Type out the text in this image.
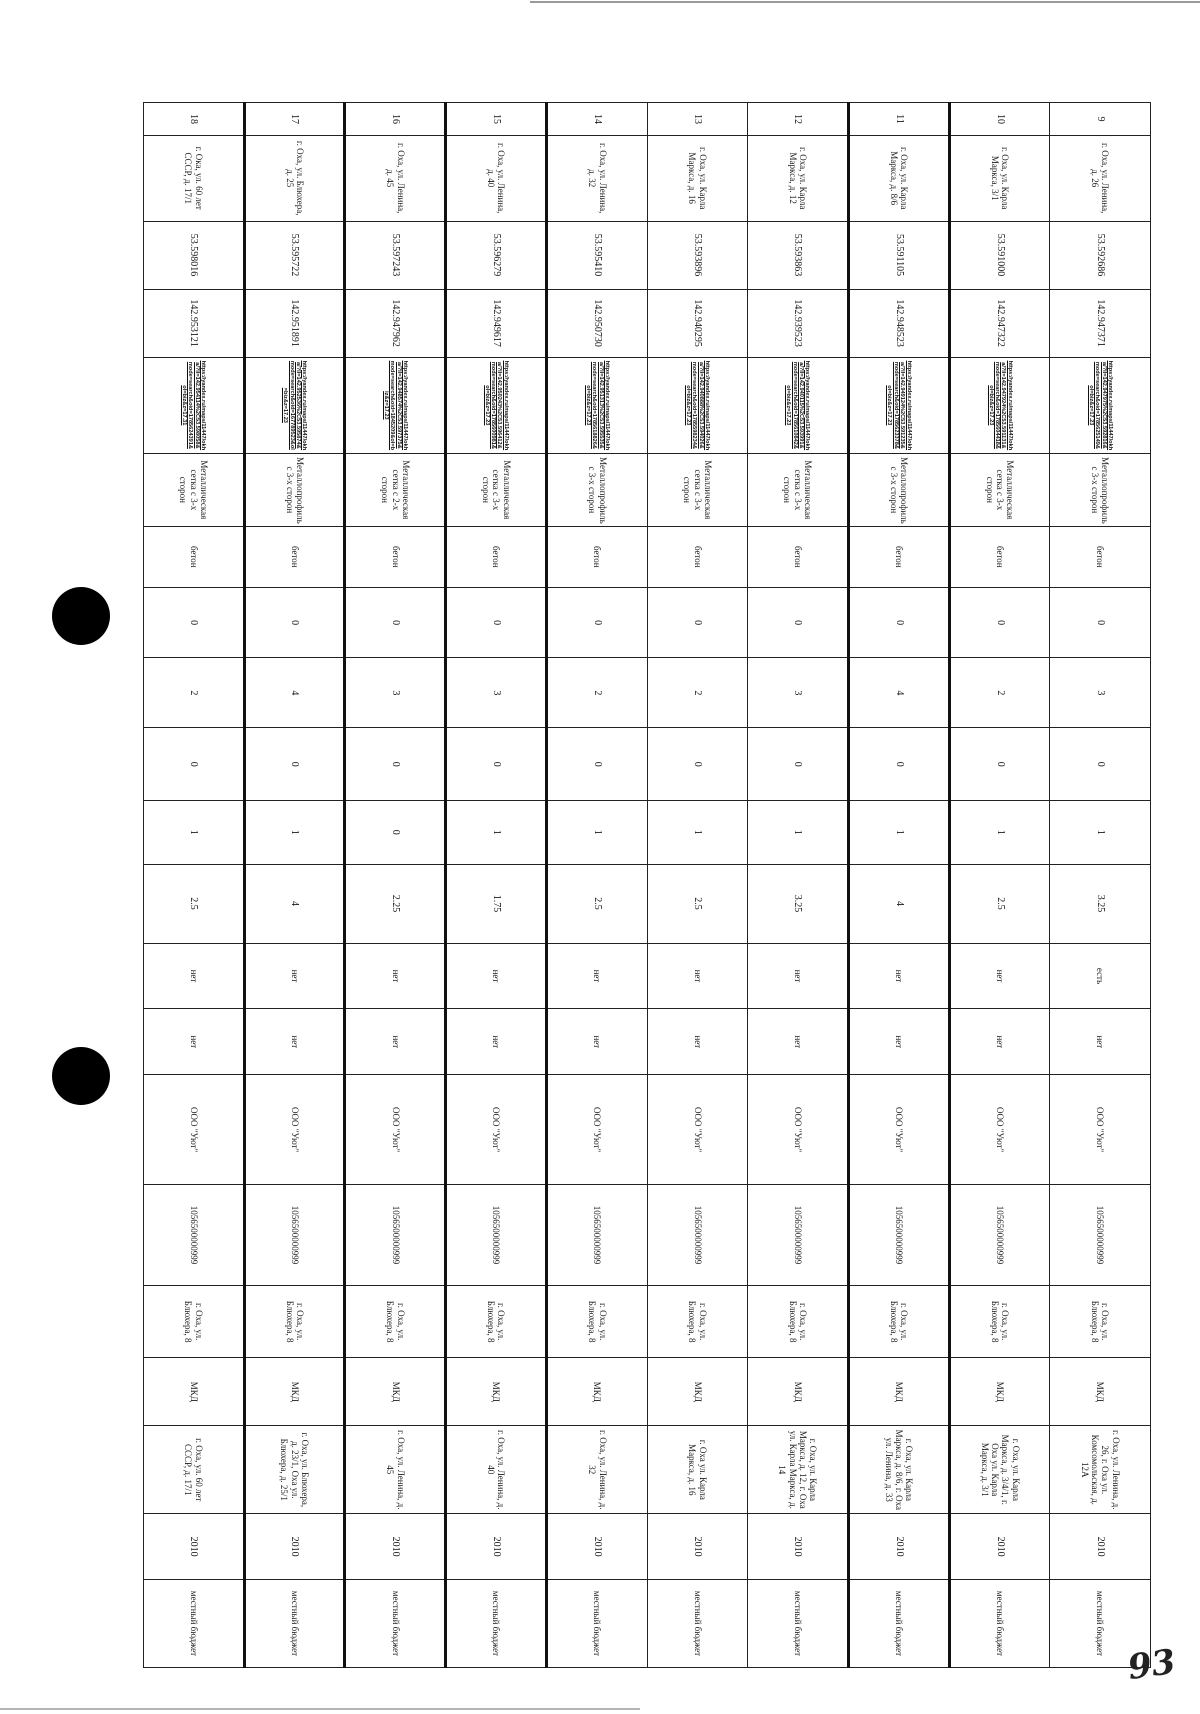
9	г. Оха, ул. Ленина, д. 26	53.592686	142.947371	https://yandex.ru/maps/11447/okha/?ll=142.947975%2C53.592816&mode=search&oid=1785625149&ol=biz&z=17.23	Металлопрофиль с 3-х сторон	бетон	0	3	0	1	3.25	есть	нет	ООО "Уют"	1056500000999	г. Оха, ул. Блюхера, 8	МКД	г. Оха, ул. Ленина, д. 26, г. Оха ул. Комсомольская, д. 12А	2010	местный бюджет
10	г. Оха, ул. Карла Маркса, 3/1	53.591000	142.947322	https://yandex.ru/maps/11447/okha/?ll=142.947924%2C53.591131&mode=search&oid=1785604418&ol=biz&z=17.23	Металлическая сетка с 3-х сторон	бетон	0	2	0	1	2.5	нет	нет	ООО "Уют"	1056500000999	г. Оха, ул. Блюхера, 8	МКД	г. Оха, ул. Карла Маркса, д. 3/4/1, г. Оха ул. Карла Маркса, д. 3/1	2010	местный бюджет
11	г. Оха, ул. Карла Маркса, д. 8/6	53.591105	142.948523	https://yandex.ru/maps/11447/okha/?ll=142.949124%2C53.591235&mode=search&oid=1785623378&ol=biz&z=17.23	Металлопрофиль с 3-х сторон	бетон	0	4	0	1	4	нет	нет	ООО "Уют"	1056500000999	г. Оха, ул. Блюхера, 8	МКД	г. Оха, ул. Карла Маркса, д. 8/6, г. Оха ул. Ленина, д. 33	2010	местный бюджет
12	г. Оха, ул. Карла Маркса, д. 12	53.593863	142.939523	https://yandex.ru/maps/11447/okha/?ll=142.940115%2C53.593991&mode=search&oid=1785610842&ol=biz&z=17.23	Металлическая сетка с 3-х сторон	бетон	0	3	0	1	3.25	нет	нет	ООО "Уют"	1056500000999	г. Оха, ул. Блюхера, 8	МКД	г. Оха, ул. Карла Маркса, д. 12, г. Оха ул. Карла Маркса, д. 14	2010	местный бюджет
13	г. Оха, ул. Карла Маркса, д. 16	53.593896	142.940295	https://yandex.ru/maps/11447/okha/?ll=142.940888%2C53.594026&mode=search&oid=1785598234&ol=biz&z=17.23	Металлическая сетка с 3-х сторон	бетон	0	2	0	1	2.5	нет	нет	ООО "Уют"	1056500000999	г. Оха, ул. Блюхера, 8	МКД	г. Оха ул. Карла Маркса, д. 16	2010	местный бюджет
14	г. Оха, ул. Ленина, д. 32	53.595410	142.950730	https://yandex.ru/maps/11447/okha/?ll=142.951313%2C53.595535&mode=search&oid=1785618826&ol=biz&z=17.23	Металлопрофиль с 3-х сторон	бетон	0	2	0	1	2.5	нет	нет	ООО "Уют"	1056500000999	г. Оха, ул. Блюхера, 8	МКД	г. Оха, ул. Ленина, д. 32	2010	местный бюджет
15	г. Оха, ул. Ленина, д. 40	53.596279	142.949617	https://yandex.ru/maps/11447/okha/?ll=142.950243%2C53.596412&mode=search&oid=1785600981&ol=biz&z=17.23	Металлическая сетка с 3-х сторон	бетон	0	3	0	1	1.75	нет	нет	ООО "Уют"	1056500000999	г. Оха, ул. Блюхера, 8	МКД	г. Оха, ул. Ленина, д. 40	2010	местный бюджет
16	г. Оха, ул. Ленина, д. 45	53.597243	142.947962	https://yandex.ru/maps/11447/okha/?ll=142.948574%2C53.597375&mode=search&oid=1845209&ol=biz&z=17.23	Металлическая сетка с 2-х сторон	бетон	0	3	0	0	2.25	нет	нет	ООО "Уют"	1056500000999	г. Оха, ул. Блюхера, 8	МКД	г. Оха, ул. Ленина, д. 45	2010	местный бюджет
17	г. Оха, ул. Блюхера, д. 25	53.595722	142.951891	https://yandex.ru/maps/11447/okha/?ll=142.952536%2C53.595874&mode=search&oid=167789523&ol=biz&z=17.23	Металлопрофиль с 3-х сторон	бетон	0	4	0	1	4	нет	нет	ООО "Уют"	1056500000999	г. Оха, ул. Блюхера, 8	МКД	г. Оха, ул. Блюхера, д. 23/1, Оха ул. Блюхера, д. 25/1	2010	местный бюджет
18	г. Ока, ул. 60 лет СССР, д. 17/1	53.598016	142.953121	https://yandex.ru/maps/11447/okha/?ll=142.954114%2C53.598058&mode=search&oid=1785624391&ol=biz&z=17.31	Металлическая сетка с 3-х сторон	бетон	0	2	0	1	2.5	нет	нет	ООО "Уют"	1056500000999	г. Оха, ул. Блюхера, 8	МКД	г. Оха, ул. 60 лет СССР, д. 17/1	2010	местный бюджет
93
